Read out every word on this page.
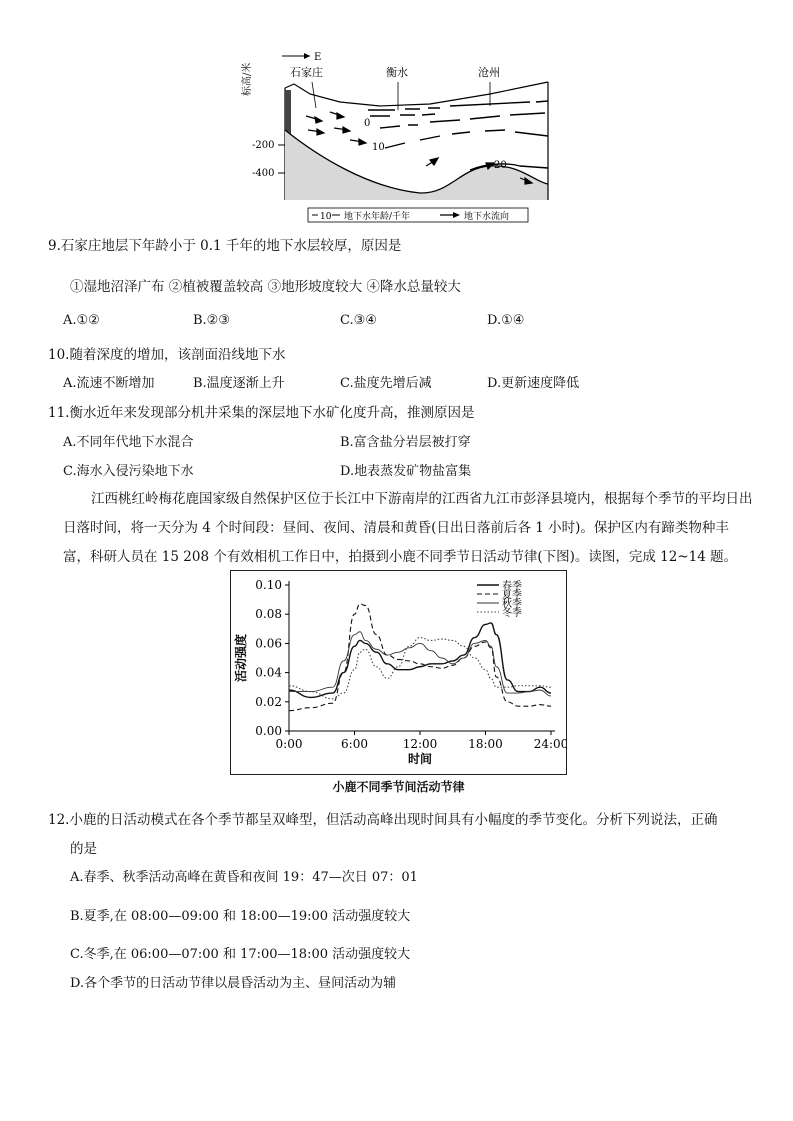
E
石家庄	衡水	沧州
标高/米
-200
-400
0
10
20
10 地下水年龄/千年	地下水流向
9.石家庄地层下年龄小于 0.1 千年的地下水层较厚，原因是
①湿地沼泽广布 ②植被覆盖较高 ③地形坡度较大 ④降水总量较大
A.①②	B.②③	C.③④	D.①④
10.随着深度的增加，该剖面沿线地下水
A.流速不断增加	B.温度逐渐上升	C.盐度先增后减	D.更新速度降低
11.衡水近年来发现部分机井采集的深层地下水矿化度升高，推测原因是
A.不同年代地下水混合	B.富含盐分岩层被打穿
C.海水入侵污染地下水	D.地表蒸发矿物盐富集
江西桃红岭梅花鹿国家级自然保护区位于长江中下游南岸的江西省九江市彭泽县境内，根据每个季节的平均日出日落时间，将一天分为 4 个时间段：昼间、夜间、清晨和黄昏(日出日落前后各 1 小时)。保护区内有蹄类物种丰富，科研人员在 15 208 个有效相机工作日中，拍摄到小鹿不同季节日活动节律(下图)。读图，完成 12~14 题。
0.00
0.02
0.04
0.06
0.08
0.10
0:00	6:00	12:00	18:00	24:00
时间
活动强度
春季
夏季
秋季
冬季
12.小鹿的日活动模式在各个季节都呈双峰型，但活动高峰出现时间具有小幅度的季节变化。分析下列说法，正确
的是
A.春季、秋季活动高峰在黄昏和夜间 19：47—次日 07：01
B.夏季,在 08:00—09:00 和 18:00—19:00 活动强度较大
C.冬季,在 06:00—07:00 和 17:00—18:00 活动强度较大
D.各个季节的日活动节律以晨昏活动为主、昼间活动为辅
小鹿不同季节间活动节律
